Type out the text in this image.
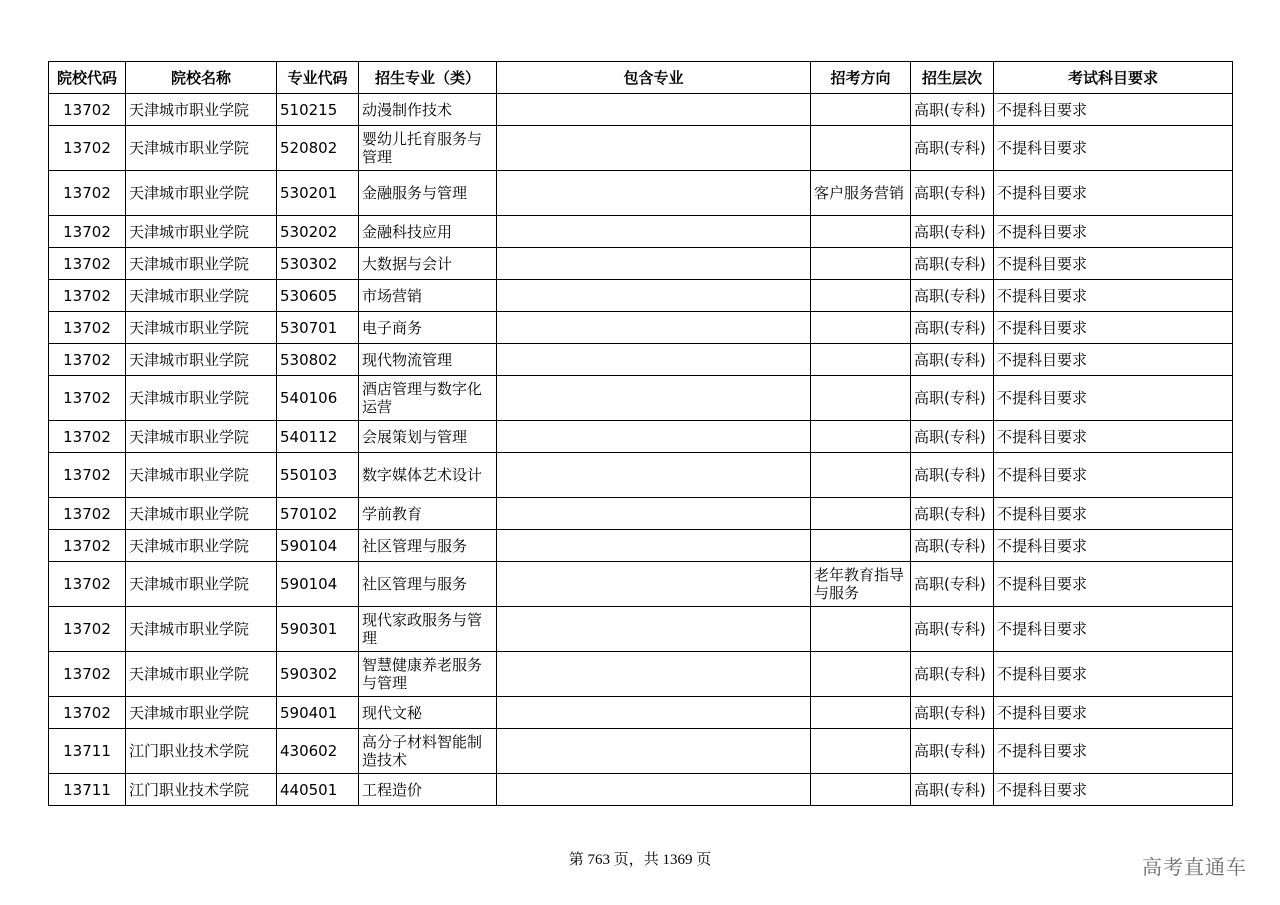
院校代码	院校名称	专业代码	招生专业（类）	包含专业	招考方向	招生层次	考试科目要求
13702	天津城市职业学院	510215	动漫制作技术			高职(专科)	不提科目要求
13702	天津城市职业学院	520802	婴幼儿托育服务与管理			高职(专科)	不提科目要求
13702	天津城市职业学院	530201	金融服务与管理		客户服务营销	高职(专科)	不提科目要求
13702	天津城市职业学院	530202	金融科技应用			高职(专科)	不提科目要求
13702	天津城市职业学院	530302	大数据与会计			高职(专科)	不提科目要求
13702	天津城市职业学院	530605	市场营销			高职(专科)	不提科目要求
13702	天津城市职业学院	530701	电子商务			高职(专科)	不提科目要求
13702	天津城市职业学院	530802	现代物流管理			高职(专科)	不提科目要求
13702	天津城市职业学院	540106	酒店管理与数字化运营			高职(专科)	不提科目要求
13702	天津城市职业学院	540112	会展策划与管理			高职(专科)	不提科目要求
13702	天津城市职业学院	550103	数字媒体艺术设计			高职(专科)	不提科目要求
13702	天津城市职业学院	570102	学前教育			高职(专科)	不提科目要求
13702	天津城市职业学院	590104	社区管理与服务			高职(专科)	不提科目要求
13702	天津城市职业学院	590104	社区管理与服务		老年教育指导与服务	高职(专科)	不提科目要求
13702	天津城市职业学院	590301	现代家政服务与管理			高职(专科)	不提科目要求
13702	天津城市职业学院	590302	智慧健康养老服务与管理			高职(专科)	不提科目要求
13702	天津城市职业学院	590401	现代文秘			高职(专科)	不提科目要求
13711	江门职业技术学院	430602	高分子材料智能制造技术			高职(专科)	不提科目要求
13711	江门职业技术学院	440501	工程造价			高职(专科)	不提科目要求
第 763 页，共 1369 页	高考直通车
